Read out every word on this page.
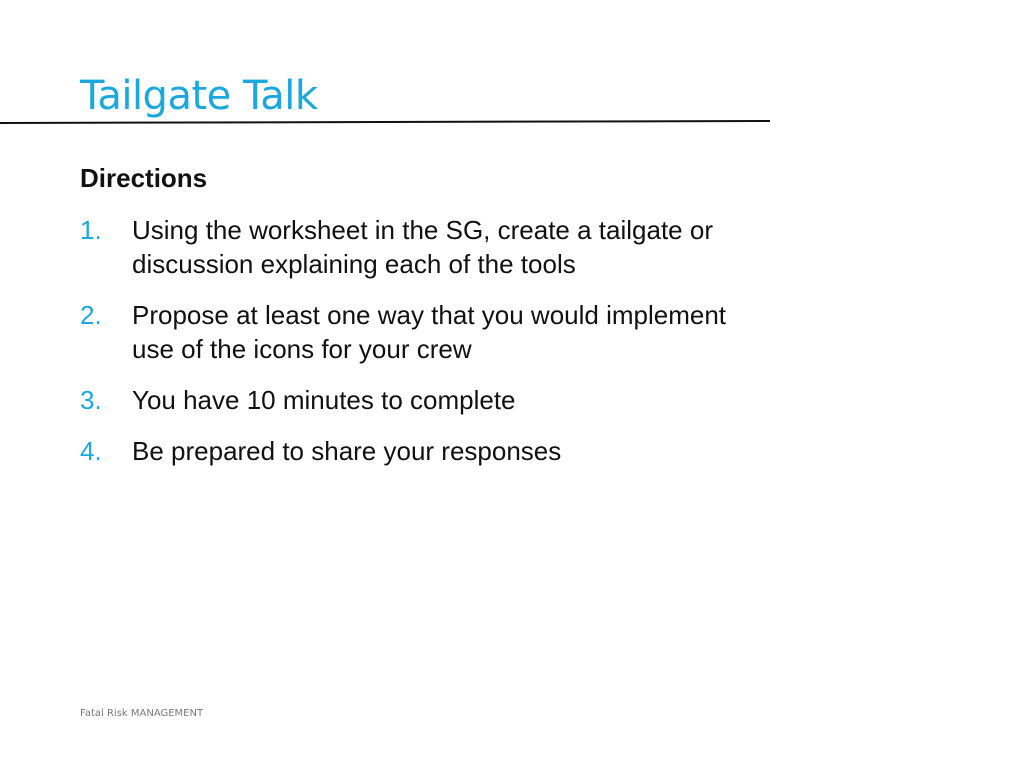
Tailgate Talk
Directions
1.	Using the worksheet in the SG, create a tailgate or discussion explaining each of the tools
2.	Propose at least one way that you would implement use of the icons for your crew
3.	You have 10 minutes to complete
4.	Be prepared to share your responses
Fatal Risk MANAGEMENT
